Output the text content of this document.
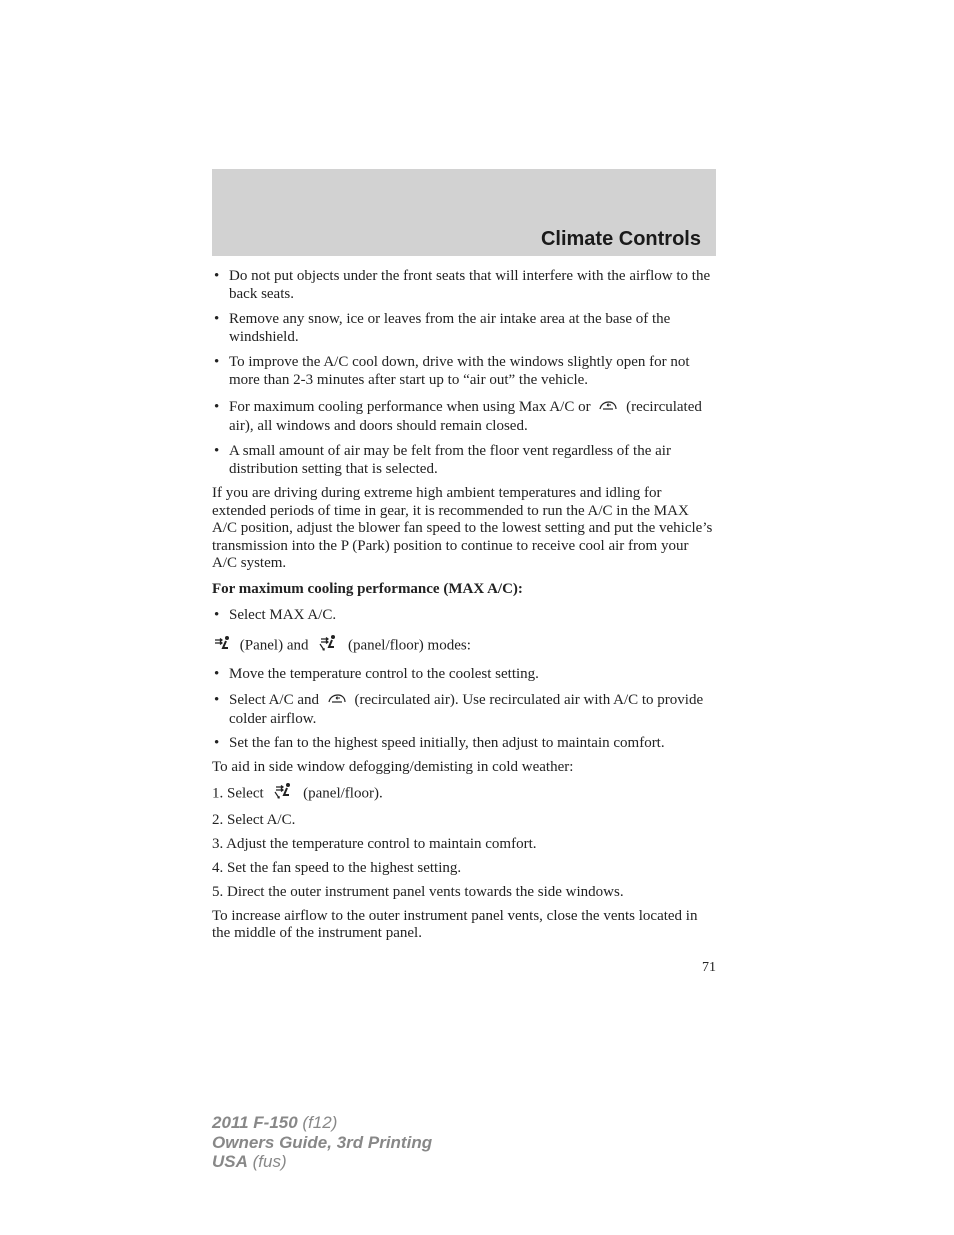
Climate Controls
• Do not put objects under the front seats that will interfere with the airflow to the back seats.
• Remove any snow, ice or leaves from the air intake area at the base of the windshield.
• To improve the A/C cool down, drive with the windows slightly open for not more than 2-3 minutes after start up to “air out” the vehicle.
• For maximum cooling performance when using Max A/C or (recirculated air), all windows and doors should remain closed.
• A small amount of air may be felt from the floor vent regardless of the air distribution setting that is selected.
If you are driving during extreme high ambient temperatures and idling for extended periods of time in gear, it is recommended to run the A/C in the MAX A/C position, adjust the blower fan speed to the lowest setting and put the vehicle’s transmission into the P (Park) position to continue to receive cool air from your A/C system.
For maximum cooling performance (MAX A/C):
• Select MAX A/C.
(Panel) and	(panel/floor) modes:
• Move the temperature control to the coolest setting.
• Select A/C and (recirculated air). Use recirculated air with A/C to provide colder airflow.
• Set the fan to the highest speed initially, then adjust to maintain comfort.
To aid in side window defogging/demisting in cold weather:
1. Select	(panel/floor).
2. Select A/C.
3. Adjust the temperature control to maintain comfort.
4. Set the fan speed to the highest setting.
5. Direct the outer instrument panel vents towards the side windows.
To increase airflow to the outer instrument panel vents, close the vents located in the middle of the instrument panel.
71
2011 F-150 (f12)
Owners Guide, 3rd Printing
USA (fus)
